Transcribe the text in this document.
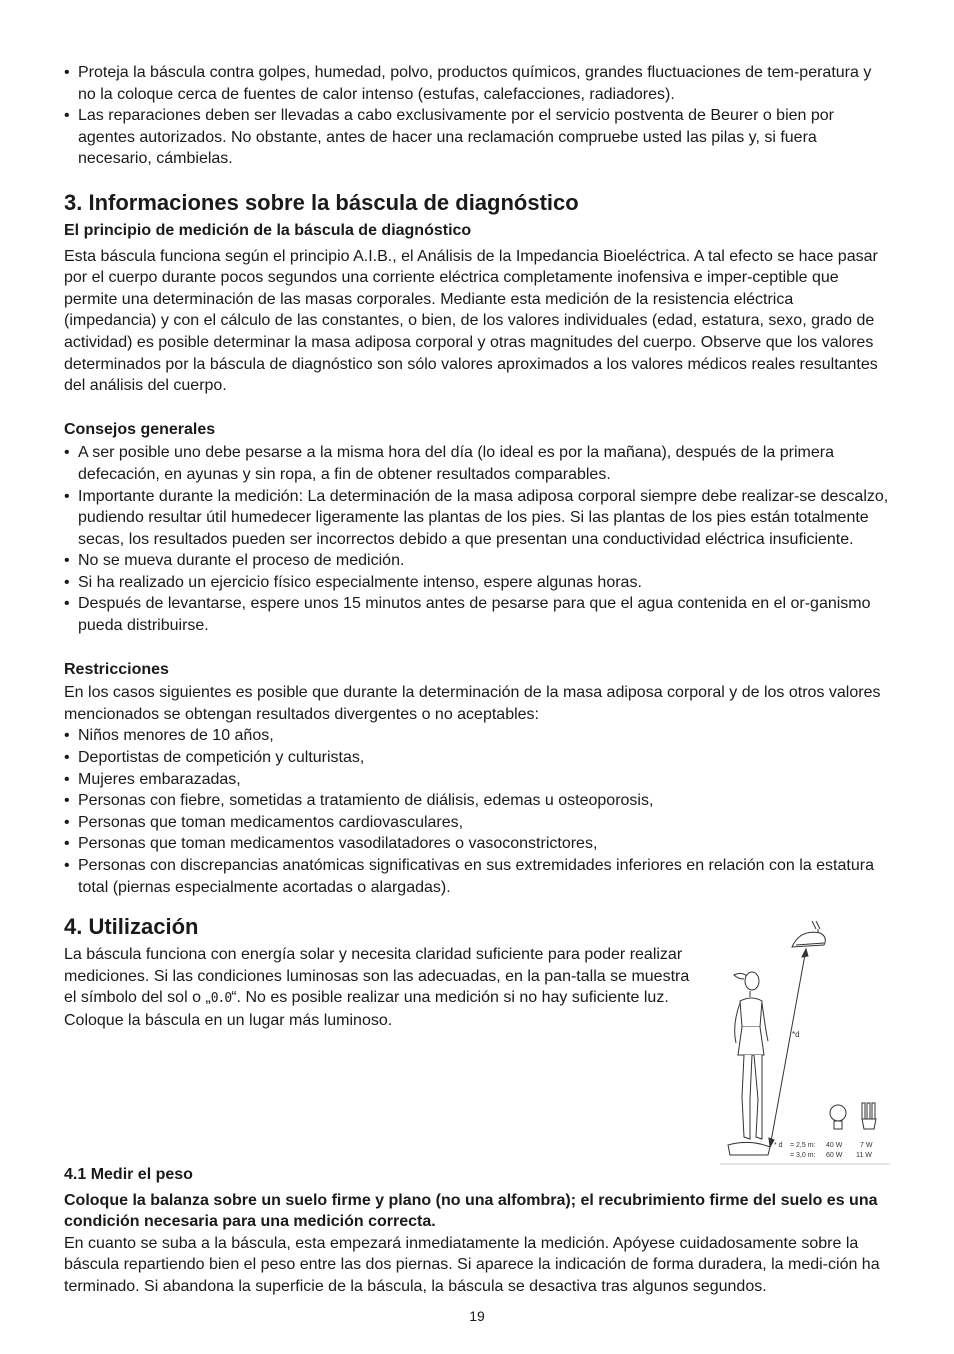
• Proteja la báscula contra golpes, humedad, polvo, productos químicos, grandes fluctuaciones de tem-peratura y no la coloque cerca de fuentes de calor intenso (estufas, calefacciones, radiadores).

• Las reparaciones deben ser llevadas a cabo exclusivamente por el servicio postventa de Beurer o bien por agentes autorizados. No obstante, antes de hacer una reclamación compruebe usted las pilas y, si fuera necesario, cámbielas.

3. Informaciones sobre la báscula de diagnóstico
El principio de medición de la báscula de diagnóstico

Esta báscula funciona según el principio A.I.B., el Análisis de la Impedancia Bioeléctrica. A tal efecto se hace pasar por el cuerpo durante pocos segundos una corriente eléctrica completamente inofensiva e imper-ceptible que permite una determinación de las masas corporales. Mediante esta medición de la resistencia eléctrica (impedancia) y con el cálculo de las constantes, o bien, de los valores individuales (edad, estatura, sexo, grado de actividad) es posible determinar la masa adiposa corporal y otras magnitudes del cuerpo. Observe que los valores determinados por la báscula de diagnóstico son sólo valores aproximados a los valores médicos reales resultantes del análisis del cuerpo.

Consejos generales

• A ser posible uno debe pesarse a la misma hora del día (lo ideal es por la mañana), después de la primera defecación, en ayunas y sin ropa, a fin de obtener resultados comparables.

• Importante durante la medición: La determinación de la masa adiposa corporal siempre debe realizar-se descalzo, pudiendo resultar útil humedecer ligeramente las plantas de los pies. Si las plantas de los pies están totalmente secas, los resultados pueden ser incorrectos debido a que presentan una conductividad eléctrica insuficiente.

• No se mueva durante el proceso de medición.

• Si ha realizado un ejercicio físico especialmente intenso, espere algunas horas.

• Después de levantarse, espere unos 15 minutos antes de pesarse para que el agua contenida en el or-ganismo pueda distribuirse.

Restricciones

En los casos siguientes es posible que durante la determinación de la masa adiposa corporal y de los otros valores mencionados se obtengan resultados divergentes o no aceptables:

• Niños menores de 10 años,

• Deportistas de competición y culturistas,

• Mujeres embarazadas,

• Personas con fiebre, sometidas a tratamiento de diálisis, edemas u osteoporosis,

• Personas que toman medicamentos cardiovasculares,

• Personas que toman medicamentos vasodilatadores o vasoconstrictores,

• Personas con discrepancias anatómicas significativas en sus extremidades inferiores en relación con la estatura total (piernas especialmente acortadas o alargadas).

4. Utilización

La báscula funciona con energía solar y necesita claridad suficiente para poder realizar mediciones. Si las condiciones luminosas son las adecuadas, en la pan-talla se muestra el símbolo del sol o „0.0“. No es posible realizar una medición si no hay suficiente luz. Coloque la báscula en un lugar más luminoso.

*d
* d = 2,5 m: 40 W	7 W
= 3,0 m: 60 W 11 W
4.1 Medir el peso

Coloque la balanza sobre un suelo firme y plano (no una alfombra); el recubrimiento firme del suelo es una condición necesaria para una medición correcta.

En cuanto se suba a la báscula, esta empezará inmediatamente la medición. Apóyese cuidadosamente sobre la báscula repartiendo bien el peso entre las dos piernas. Si aparece la indicación de forma duradera, la medi-ción ha terminado. Si abandona la superficie de la báscula, la báscula se desactiva tras algunos segundos.

19
